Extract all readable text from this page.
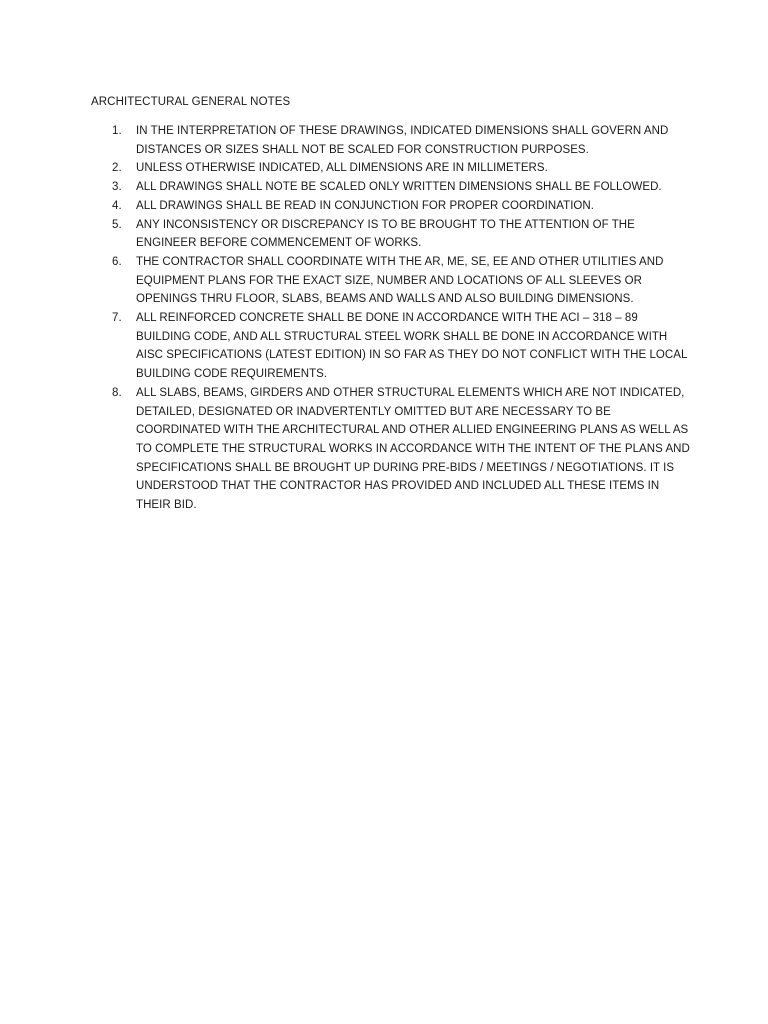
ARCHITECTURAL GENERAL NOTES
1.	IN THE INTERPRETATION OF THESE DRAWINGS, INDICATED DIMENSIONS SHALL GOVERN AND DISTANCES OR SIZES SHALL NOT BE SCALED FOR CONSTRUCTION PURPOSES.
2.	UNLESS OTHERWISE INDICATED, ALL DIMENSIONS ARE IN MILLIMETERS.
3.	ALL DRAWINGS SHALL NOTE BE SCALED ONLY WRITTEN DIMENSIONS SHALL BE FOLLOWED.
4.	ALL DRAWINGS SHALL BE READ IN CONJUNCTION FOR PROPER COORDINATION.
5.	ANY INCONSISTENCY OR DISCREPANCY IS TO BE BROUGHT TO THE ATTENTION OF THE ENGINEER BEFORE COMMENCEMENT OF WORKS.
6.	THE CONTRACTOR SHALL COORDINATE WITH THE AR, ME, SE, EE AND OTHER UTILITIES AND EQUIPMENT PLANS FOR THE EXACT SIZE, NUMBER AND LOCATIONS OF ALL SLEEVES OR OPENINGS THRU FLOOR, SLABS, BEAMS AND WALLS AND ALSO BUILDING DIMENSIONS.
7.	ALL REINFORCED CONCRETE SHALL BE DONE IN ACCORDANCE WITH THE ACI – 318 – 89 BUILDING CODE, AND ALL STRUCTURAL STEEL WORK SHALL BE DONE IN ACCORDANCE WITH AISC SPECIFICATIONS (LATEST EDITION) IN SO FAR AS THEY DO NOT CONFLICT WITH THE LOCAL BUILDING CODE REQUIREMENTS.
8.	ALL SLABS, BEAMS, GIRDERS AND OTHER STRUCTURAL ELEMENTS WHICH ARE NOT INDICATED, DETAILED, DESIGNATED OR INADVERTENTLY OMITTED BUT ARE NECESSARY TO BE COORDINATED WITH THE ARCHITECTURAL AND OTHER ALLIED ENGINEERING PLANS AS WELL AS TO COMPLETE THE STRUCTURAL WORKS IN ACCORDANCE WITH THE INTENT OF THE PLANS AND SPECIFICATIONS SHALL BE BROUGHT UP DURING PRE-BIDS / MEETINGS / NEGOTIATIONS. IT IS UNDERSTOOD THAT THE CONTRACTOR HAS PROVIDED AND INCLUDED ALL THESE ITEMS IN THEIR BID.
